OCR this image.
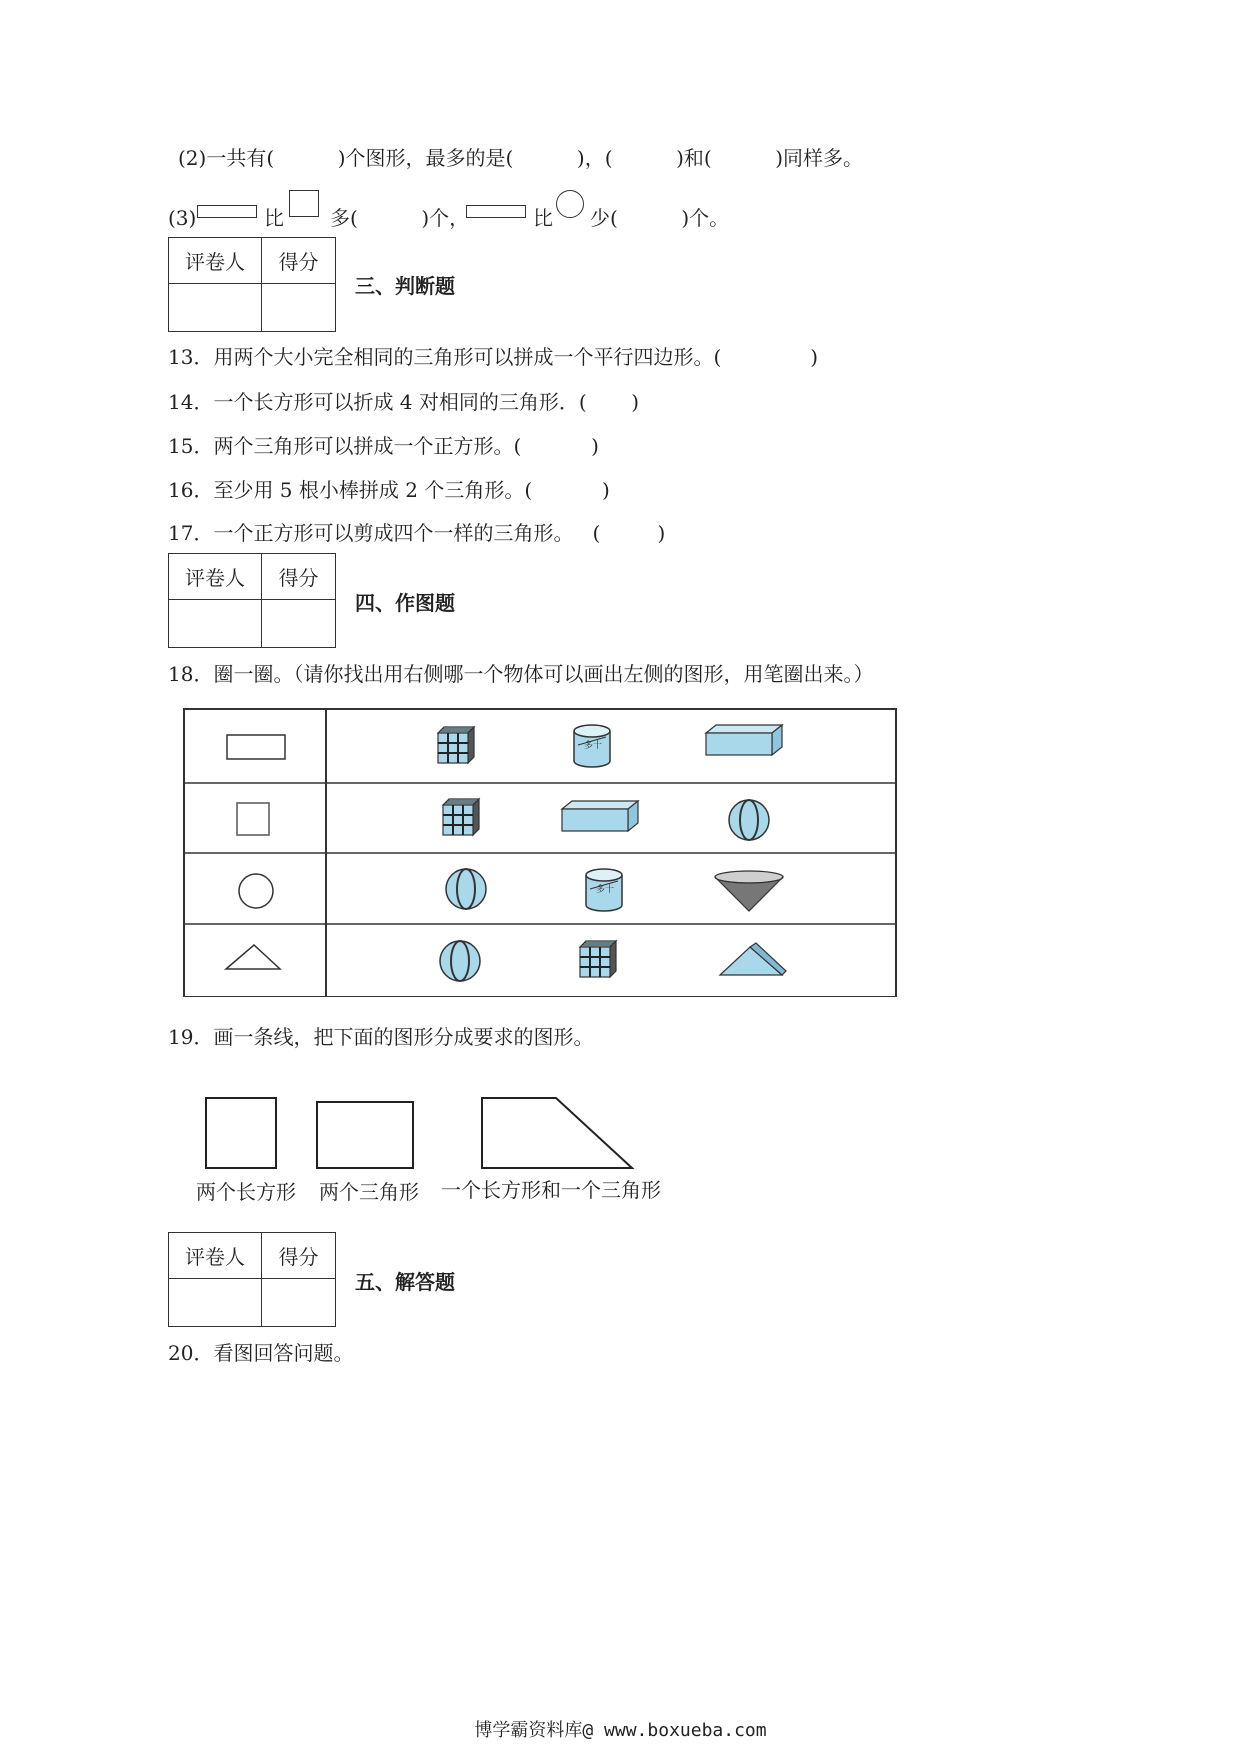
(2)一共有(          )个图形，最多的是(          )，(          )和(          )同样多。
(3)	比 多(          )个，	比 少(          )个。
评卷人	得分

三、判断题
13．用两个大小完全相同的三角形可以拼成一个平行四边形。(              )
14．一个长方形可以折成 4 对相同的三角形．(       )
15．两个三角形可以拼成一个正方形。(           )
16．至少用 5 根小棒拼成 2 个三角形。(           )
17．一个正方形可以剪成四个一样的三角形。   (         )
评卷人	得分

四、作图题
18．圈一圈。（请你找出用右侧哪一个物体可以画出左侧的图形，用笔圈出来。）
多十
多十
19．画一条线，把下面的图形分成要求的图形。
两个长方形 两个三角形 一个长方形和一个三角形
评卷人	得分

五、解答题
20．看图回答问题。
博学霸资料库@ www.boxueba.com
